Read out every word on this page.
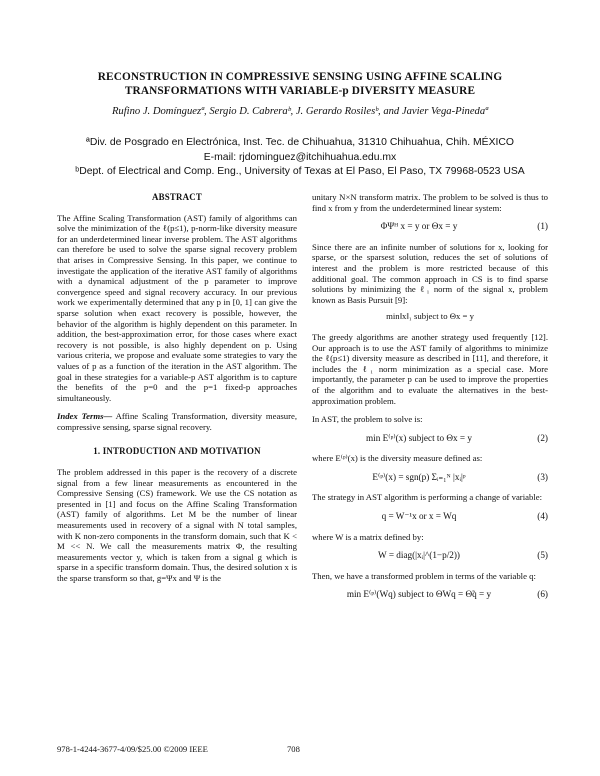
RECONSTRUCTION IN COMPRESSIVE SENSING USING AFFINE SCALING
TRANSFORMATIONS WITH VARIABLE-p DIVERSITY MEASURE
Rufino J. Domínguezª, Sergio D. Cabreraᵇ, J. Gerardo Rosilesᵇ, and Javier Vega-Pinedaª
ªDiv. de Posgrado en Electrónica, Inst. Tec. de Chihuahua, 31310 Chihuahua, Chih. MÉXICO
E-mail: rjdominguez@itchihuahua.edu.mx
ᵇDept. of Electrical and Comp. Eng., University of Texas at El Paso, El Paso, TX 79968-0523 USA
ABSTRACT

The Affine Scaling Transformation (AST) family of algorithms can solve the minimization of the ℓ(p≤1), p-norm-like diversity measure for an underdetermined linear inverse problem. The AST algorithms can therefore be used to solve the sparse signal recovery problem that arises in Compressive Sensing. In this paper, we continue to investigate the application of the iterative AST family of algorithms with a dynamical adjustment of the p parameter to improve convergence speed and signal recovery accuracy. In our previous work we experimentally determined that any p in [0, 1] can give the sparse solution when exact recovery is possible, however, the behavior of the algorithm is highly dependent on this parameter. In addition, the best-approximation error, for those cases where exact recovery is not possible, is also highly dependent on p. Using various criteria, we propose and evaluate some strategies to vary the values of p as a function of the iteration in the AST algorithm. The goal in these strategies for a variable-p AST algorithm is to capture the benefits of the p=0 and the p=1 fixed-p approaches simultaneously.

Index Terms— Affine Scaling Transformation, diversity measure, compressive sensing, sparse signal recovery.

1. INTRODUCTION AND MOTIVATION

The problem addressed in this paper is the recovery of a discrete signal from a few linear measurements as encountered in the Compressive Sensing (CS) framework. We use the CS notation as presented in [1] and focus on the Affine Scaling Transformation (AST) family of algorithms. Let M be the number of linear measurements used in recovery of a signal with N total samples, with K non-zero components in the transform domain, such that K < M << N. We call the measurements matrix Φ, the resulting measurements vector y, which is taken from a signal g which is sparse in a specific transform domain. Thus, the desired solution x is the sparse transform so that, g=Ψx and Ψ is the

unitary N×N transform matrix. The problem to be solved is thus to find x from y from the underdetermined linear system:

ΦΨᴴ x = y or Θx = y	(1)

Since there are an infinite number of solutions for x, looking for sparse, or the sparsest solution, reduces the set of solutions of interest and the problem is more restricted because of this additional goal. The common approach in CS is to find sparse solutions by minimizing the ℓ₁ norm of the signal x, problem known as Basis Pursuit [9]:

min‖x‖₁ subject to Θx = y

The greedy algorithms are another strategy used frequently [12]. Our approach is to use the AST family of algorithms to minimize the ℓ(p≤1) diversity measure as described in [11], and therefore, it includes the ℓ₁ norm minimization as a special case. More importantly, the parameter p can be used to improve the properties of the algorithm and to evaluate the alternatives in the best-approximation problem.

In AST, the problem to solve is:

min E⁽ᵖ⁾(x) subject to Θx = y	(2)

where E⁽ᵖ⁾(x) is the diversity measure defined as:

E⁽ᵖ⁾(x) = sgn(p) Σᵢ₌₁ᴺ |xᵢ|ᵖ	(3)

The strategy in AST algorithm is performing a change of variable:

q = W⁻¹x or x = Wq	(4)

where W is a matrix defined by:

W = diag(|xᵢ|^(1−p/2))	(5)

Then, we have a transformed problem in terms of the variable q:

min E⁽ᵖ⁾(Wq) subject to ΘWq = Θ̃q = y	(6)
978-1-4244-3677-4/09/$25.00 ©2009 IEEE	708
